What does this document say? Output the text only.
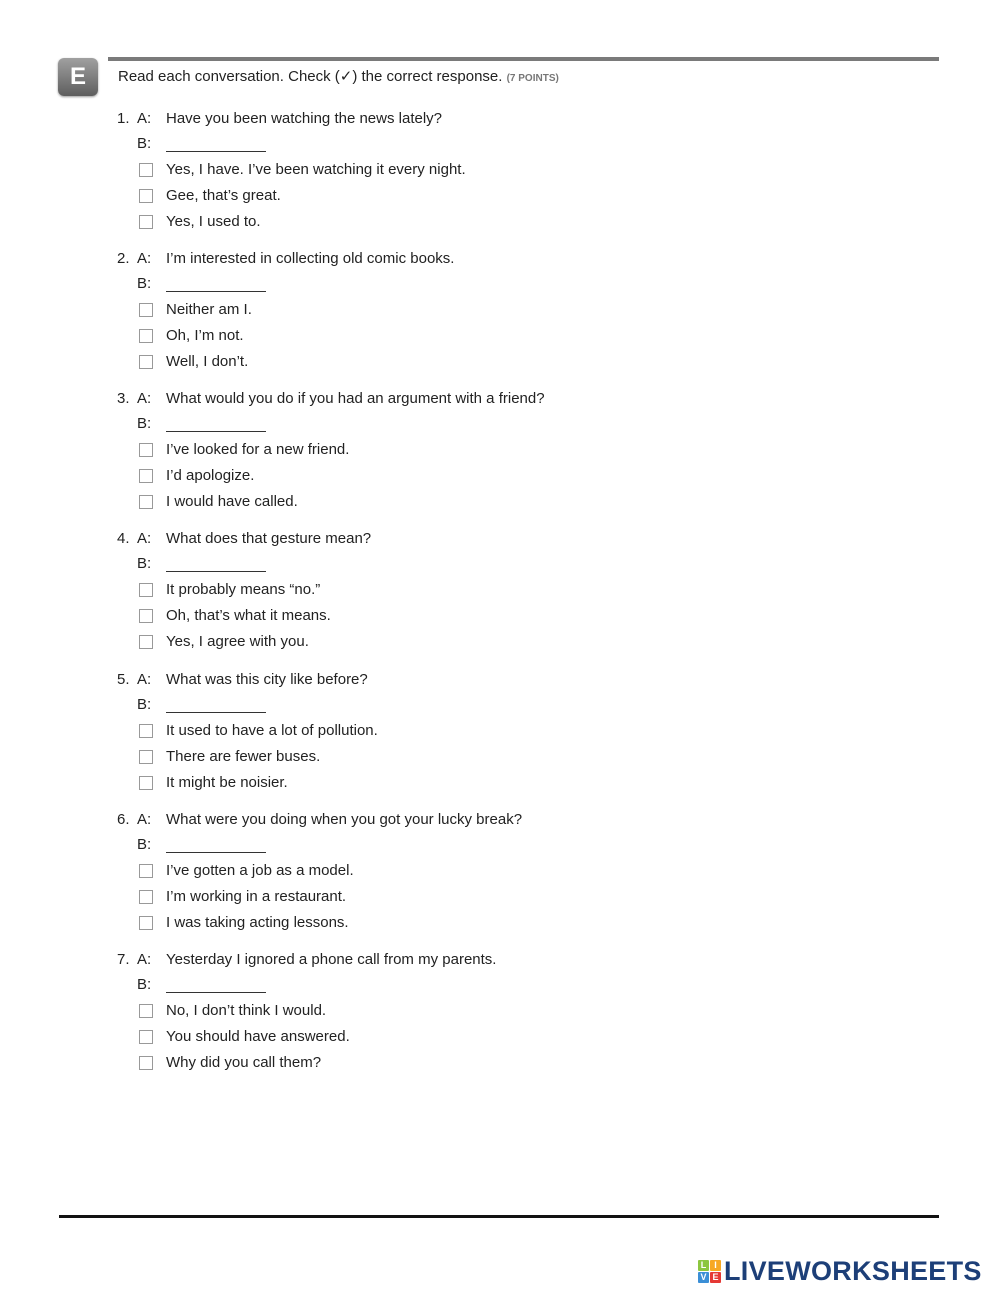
E	Read each conversation. Check (✓) the correct response. (7 POINTS)
1. A: Have you been watching the news lately?
B:
Yes, I have. I’ve been watching it every night.
Gee, that’s great.
Yes, I used to.
2. A: I’m interested in collecting old comic books.
B:
Neither am I.
Oh, I’m not.
Well, I don’t.
3. A: What would you do if you had an argument with a friend?
B:
I’ve looked for a new friend.
I’d apologize.
I would have called.
4. A: What does that gesture mean?
B:
It probably means “no.”
Oh, that’s what it means.
Yes, I agree with you.
5. A: What was this city like before?
B:
It used to have a lot of pollution.
There are fewer buses.
It might be noisier.
6. A: What were you doing when you got your lucky break?
B:
I’ve gotten a job as a model.
I’m working in a restaurant.
I was taking acting lessons.
7. A: Yesterday I ignored a phone call from my parents.
B:
No, I don’t think I would.
You should have answered.
Why did you call them?
L I
V E LIVEWORKSHEETS
